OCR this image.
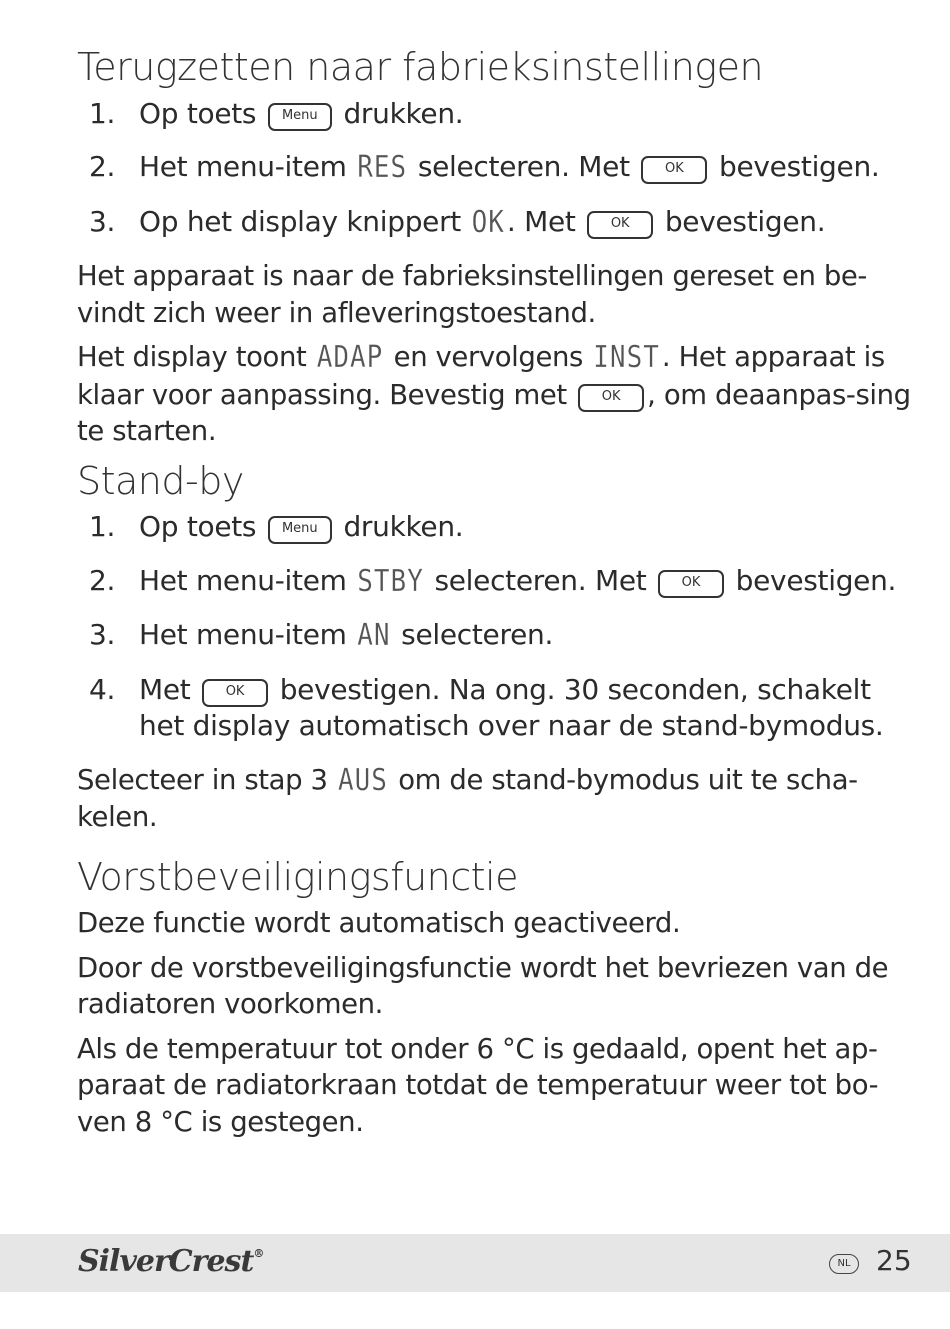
Terugzetten naar fabrieksinstellingen
1. Op toets Menu drukken.
2. Het menu-item RES selecteren. Met	OK bevestigen.
3. Op het display knippert OK. Met	OK bevestigen.

Het apparaat is naar de fabrieksinstellingen gereset en be-vindt zich weer in afleveringstoestand.

Het display toont ADAP en vervolgens INST. Het apparaat is klaar voor aanpassing. Bevestig met	OK , om deaanpas-sing te starten.

Stand-by
1. Op toets Menu drukken.
2. Het menu-item STBY selecteren. Met	OK bevestigen.
3. Het menu-item AN selecteren.
4. Met	OK bevestigen. Na ong. 30 seconden, schakelt het display automatisch over naar de stand-bymodus.

Selecteer in stap 3 AUS om de stand-bymodus uit te scha-kelen.

Vorstbeveiligingsfunctie

Deze functie wordt automatisch geactiveerd.

Door de vorstbeveiligingsfunctie wordt het bevriezen van de radiatoren voorkomen.

Als de temperatuur tot onder 6 °C is gedaald, opent het ap-paraat de radiatorkraan totdat de temperatuur weer tot bo-ven 8 °C is gestegen.

SilverCrest®
NL 25
